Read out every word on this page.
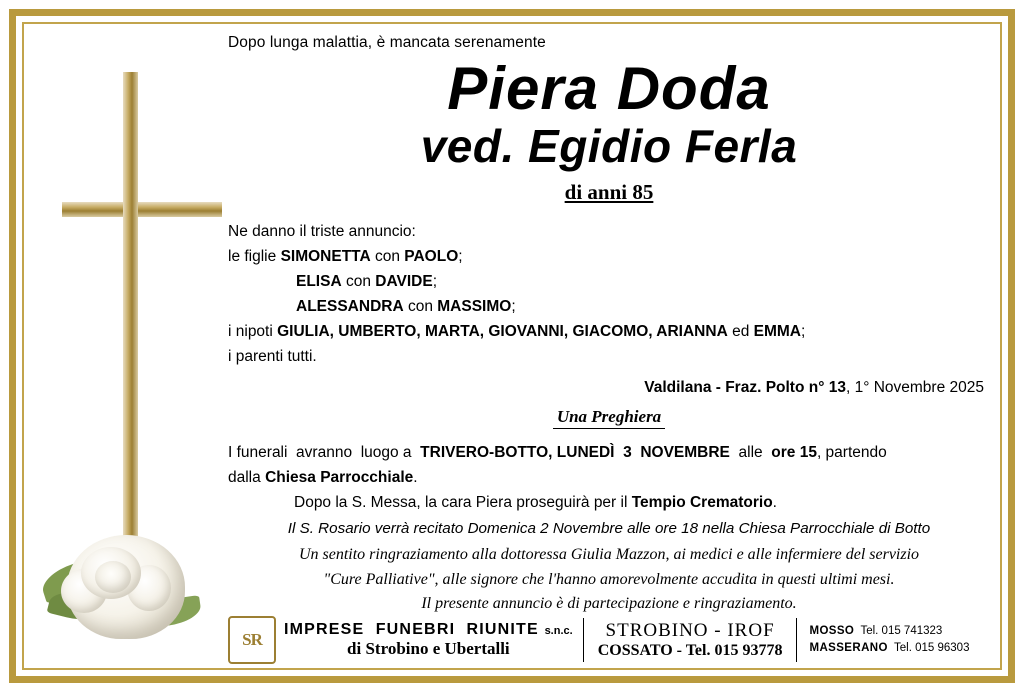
Dopo lunga malattia, è mancata serenamente
Piera Doda
ved. Egidio Ferla
di anni 85
Ne danno il triste annuncio:
le figlie SIMONETTA con PAOLO;
ELISA con DAVIDE;
ALESSANDRA con MASSIMO;
i nipoti GIULIA, UMBERTO, MARTA, GIOVANNI, GIACOMO, ARIANNA ed EMMA;
i parenti tutti.
Valdilana - Fraz. Polto n° 13, 1° Novembre 2025
Una Preghiera
I funerali  avranno  luogo a  TRIVERO-BOTTO, LUNEDÌ  3  NOVEMBRE  alle  ore 15, partendo
dalla Chiesa Parrocchiale.
Dopo la S. Messa, la cara Piera proseguirà per il Tempio Crematorio.
Il S. Rosario verrà recitato Domenica 2 Novembre alle ore 18 nella Chiesa Parrocchiale di Botto
Un sentito ringraziamento alla dottoressa Giulia Mazzon, ai medici e alle infermiere del servizio
"Cure Palliative", alle signore che l'hanno amorevolmente accudita in questi ultimi mesi.
Il presente annuncio è di partecipazione e ringraziamento.
SR
IMPRESE  FUNEBRI  RIUNITE s.n.c.
di Strobino e Ubertalli
STROBINO - IROF
COSSATO - Tel. 015 93778
MOSSO  Tel. 015 741323
MASSERANO  Tel. 015 96303
